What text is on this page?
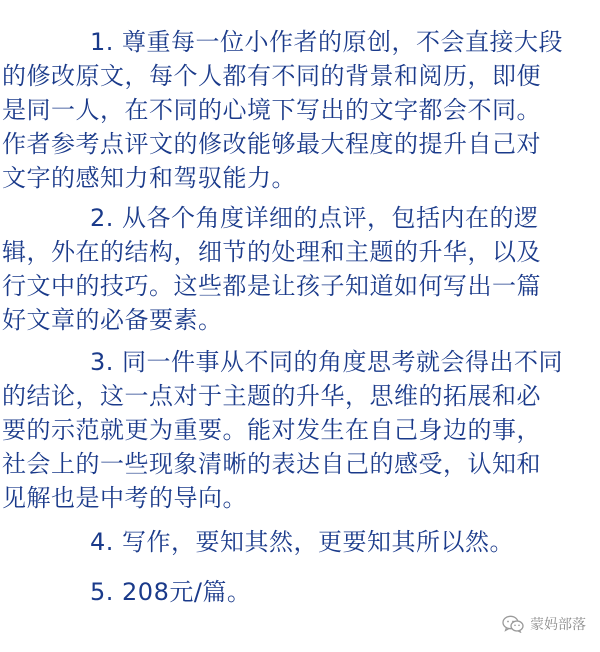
1. 尊重每一位小作者的原创，不会直接大段
的修改原文，每个人都有不同的背景和阅历，即便
是同一人，在不同的心境下写出的文字都会不同。
作者参考点评文的修改能够最大程度的提升自己对
文字的感知力和驾驭能力。
2. 从各个角度详细的点评，包括内在的逻
辑，外在的结构，细节的处理和主题的升华，以及
行文中的技巧。这些都是让孩子知道如何写出一篇
好文章的必备要素。
3. 同一件事从不同的角度思考就会得出不同
的结论，这一点对于主题的升华，思维的拓展和必
要的示范就更为重要。能对发生在自己身边的事，
社会上的一些现象清晰的表达自己的感受，认知和
见解也是中考的导向。
4. 写作，要知其然，更要知其所以然。
5. 208元/篇。
蒙妈部落
